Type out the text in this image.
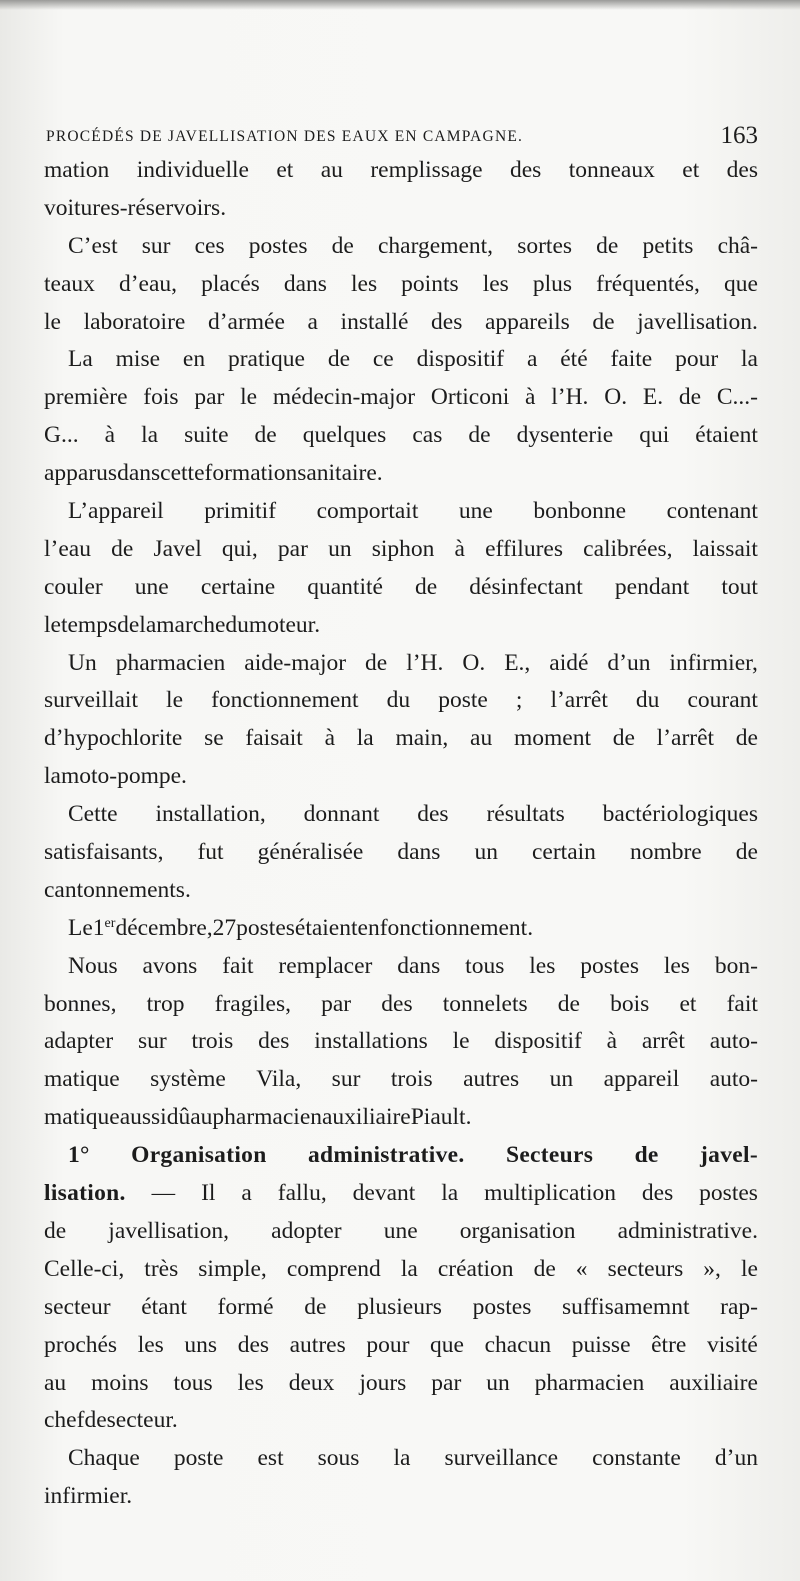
PROCÉDÉS DE JAVELLISATION DES EAUX EN CAMPAGNE.	163
mation individuelle et au remplissage des tonneaux et des
voitures-réservoirs.
C’est sur ces postes de chargement, sortes de petits châ-
teaux d’eau, placés dans les points les plus fréquentés, que
le laboratoire d’armée a installé des appareils de javellisation.
La mise en pratique de ce dispositif a été faite pour la
première fois par le médecin-major Orticoni à l’H. O. E. de C...-
G... à la suite de quelques cas de dysenterie qui étaient
apparus dans cette formation sanitaire.
L’appareil primitif comportait une bonbonne contenant
l’eau de Javel qui, par un siphon à effilures calibrées, laissait
couler une certaine quantité de désinfectant pendant tout
le temps de la marche du moteur.
Un pharmacien aide-major de l’H. O. E., aidé d’un infirmier,
surveillait le fonctionnement du poste ; l’arrêt du courant
d’hypochlorite se faisait à la main, au moment de l’arrêt de
la moto-pompe.
Cette installation, donnant des résultats bactériologiques
satisfaisants, fut généralisée dans un certain nombre de
cantonnements.
Le 1er décembre, 27 postes étaient en fonctionnement.
Nous avons fait remplacer dans tous les postes les bon-
bonnes, trop fragiles, par des tonnelets de bois et fait
adapter sur trois des installations le dispositif à arrêt auto-
matique système Vila, sur trois autres un appareil auto-
matique aussi dû au pharmacien auxiliaire Piault.
1° Organisation administrative. Secteurs de javel-
lisation. — Il a fallu, devant la multiplication des postes
de javellisation, adopter une organisation administrative.
Celle-ci, très simple, comprend la création de « secteurs », le
secteur étant formé de plusieurs postes suffisamemnt rap-
prochés les uns des autres pour que chacun puisse être visité
au moins tous les deux jours par un pharmacien auxiliaire
chef de secteur.
Chaque poste est sous la surveillance constante d’un
infirmier.
